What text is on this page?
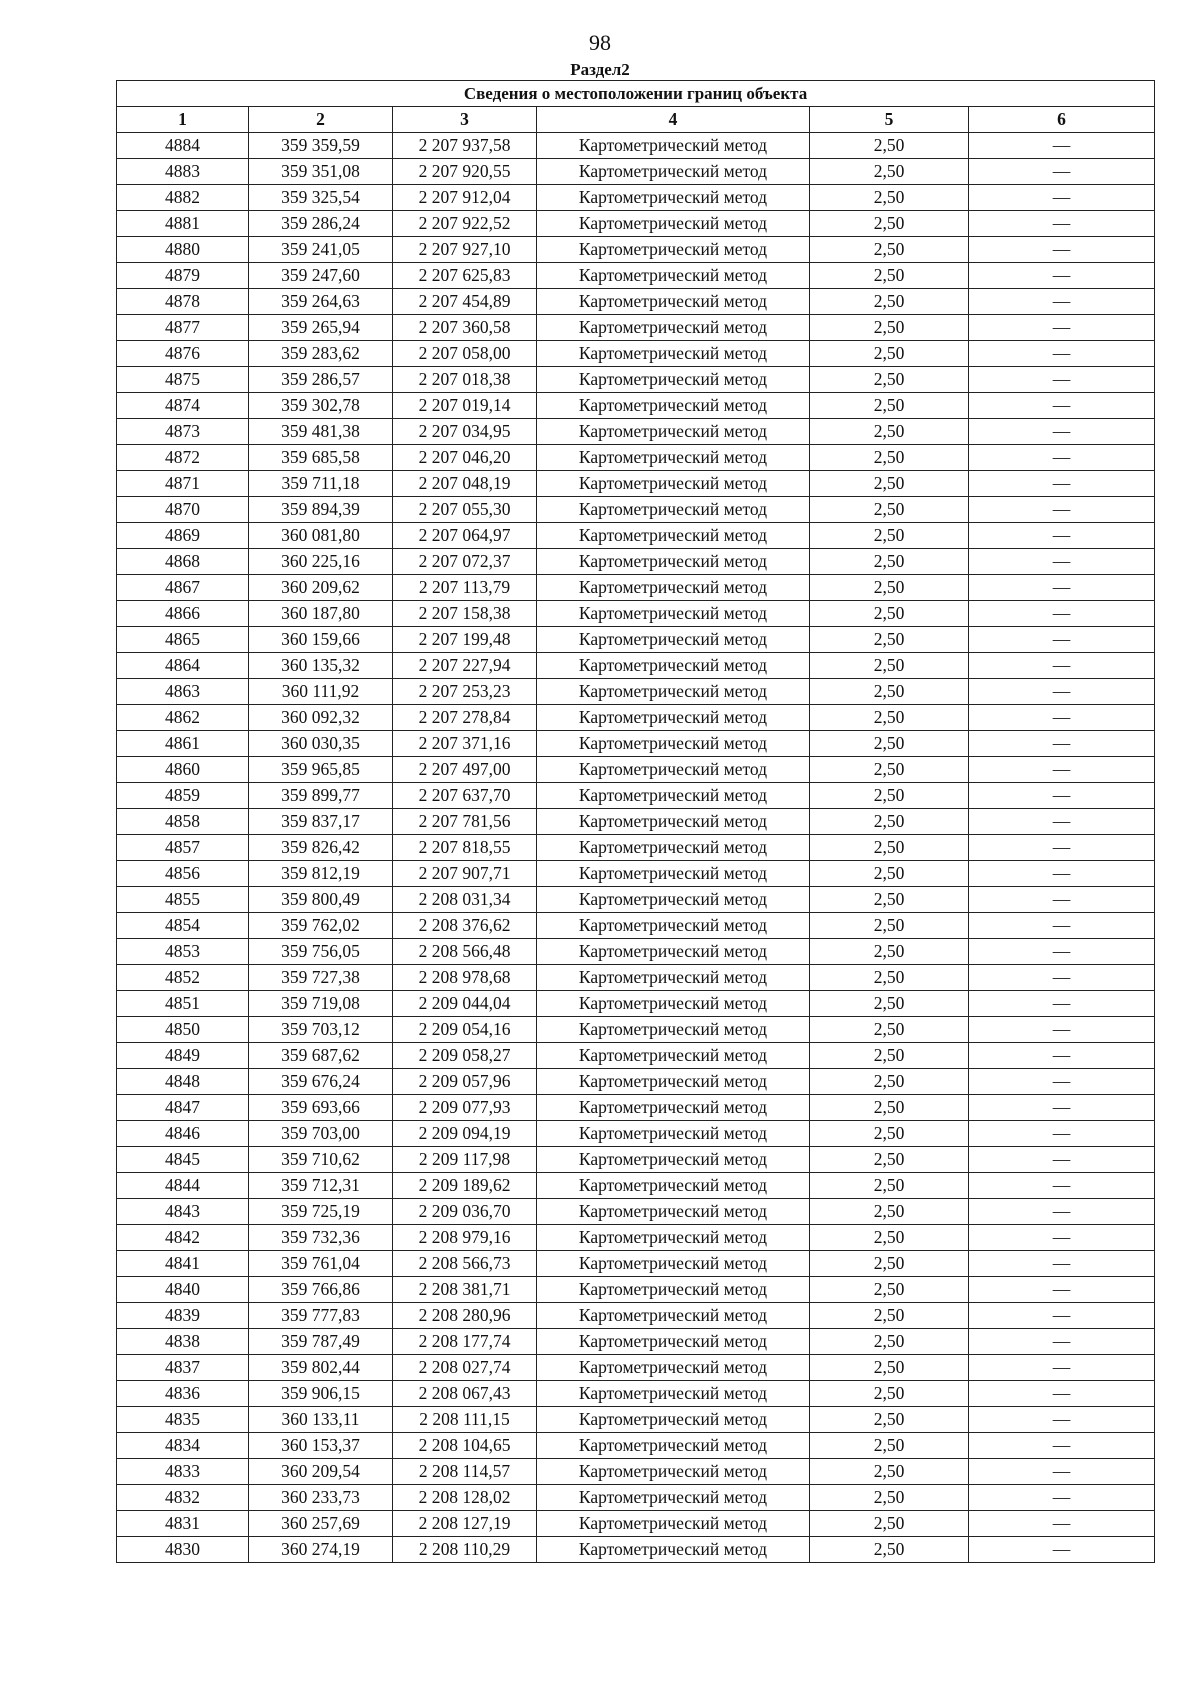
98
Раздел2
Сведения о местоположении границ объекта					
1	2	3	4	5	6
4884	359 359,59	2 207 937,58	Картометрический метод	2,50	—
4883	359 351,08	2 207 920,55	Картометрический метод	2,50	—
4882	359 325,54	2 207 912,04	Картометрический метод	2,50	—
4881	359 286,24	2 207 922,52	Картометрический метод	2,50	—
4880	359 241,05	2 207 927,10	Картометрический метод	2,50	—
4879	359 247,60	2 207 625,83	Картометрический метод	2,50	—
4878	359 264,63	2 207 454,89	Картометрический метод	2,50	—
4877	359 265,94	2 207 360,58	Картометрический метод	2,50	—
4876	359 283,62	2 207 058,00	Картометрический метод	2,50	—
4875	359 286,57	2 207 018,38	Картометрический метод	2,50	—
4874	359 302,78	2 207 019,14	Картометрический метод	2,50	—
4873	359 481,38	2 207 034,95	Картометрический метод	2,50	—
4872	359 685,58	2 207 046,20	Картометрический метод	2,50	—
4871	359 711,18	2 207 048,19	Картометрический метод	2,50	—
4870	359 894,39	2 207 055,30	Картометрический метод	2,50	—
4869	360 081,80	2 207 064,97	Картометрический метод	2,50	—
4868	360 225,16	2 207 072,37	Картометрический метод	2,50	—
4867	360 209,62	2 207 113,79	Картометрический метод	2,50	—
4866	360 187,80	2 207 158,38	Картометрический метод	2,50	—
4865	360 159,66	2 207 199,48	Картометрический метод	2,50	—
4864	360 135,32	2 207 227,94	Картометрический метод	2,50	—
4863	360 111,92	2 207 253,23	Картометрический метод	2,50	—
4862	360 092,32	2 207 278,84	Картометрический метод	2,50	—
4861	360 030,35	2 207 371,16	Картометрический метод	2,50	—
4860	359 965,85	2 207 497,00	Картометрический метод	2,50	—
4859	359 899,77	2 207 637,70	Картометрический метод	2,50	—
4858	359 837,17	2 207 781,56	Картометрический метод	2,50	—
4857	359 826,42	2 207 818,55	Картометрический метод	2,50	—
4856	359 812,19	2 207 907,71	Картометрический метод	2,50	—
4855	359 800,49	2 208 031,34	Картометрический метод	2,50	—
4854	359 762,02	2 208 376,62	Картометрический метод	2,50	—
4853	359 756,05	2 208 566,48	Картометрический метод	2,50	—
4852	359 727,38	2 208 978,68	Картометрический метод	2,50	—
4851	359 719,08	2 209 044,04	Картометрический метод	2,50	—
4850	359 703,12	2 209 054,16	Картометрический метод	2,50	—
4849	359 687,62	2 209 058,27	Картометрический метод	2,50	—
4848	359 676,24	2 209 057,96	Картометрический метод	2,50	—
4847	359 693,66	2 209 077,93	Картометрический метод	2,50	—
4846	359 703,00	2 209 094,19	Картометрический метод	2,50	—
4845	359 710,62	2 209 117,98	Картометрический метод	2,50	—
4844	359 712,31	2 209 189,62	Картометрический метод	2,50	—
4843	359 725,19	2 209 036,70	Картометрический метод	2,50	—
4842	359 732,36	2 208 979,16	Картометрический метод	2,50	—
4841	359 761,04	2 208 566,73	Картометрический метод	2,50	—
4840	359 766,86	2 208 381,71	Картометрический метод	2,50	—
4839	359 777,83	2 208 280,96	Картометрический метод	2,50	—
4838	359 787,49	2 208 177,74	Картометрический метод	2,50	—
4837	359 802,44	2 208 027,74	Картометрический метод	2,50	—
4836	359 906,15	2 208 067,43	Картометрический метод	2,50	—
4835	360 133,11	2 208 111,15	Картометрический метод	2,50	—
4834	360 153,37	2 208 104,65	Картометрический метод	2,50	—
4833	360 209,54	2 208 114,57	Картометрический метод	2,50	—
4832	360 233,73	2 208 128,02	Картометрический метод	2,50	—
4831	360 257,69	2 208 127,19	Картометрический метод	2,50	—
4830	360 274,19	2 208 110,29	Картометрический метод	2,50	—
